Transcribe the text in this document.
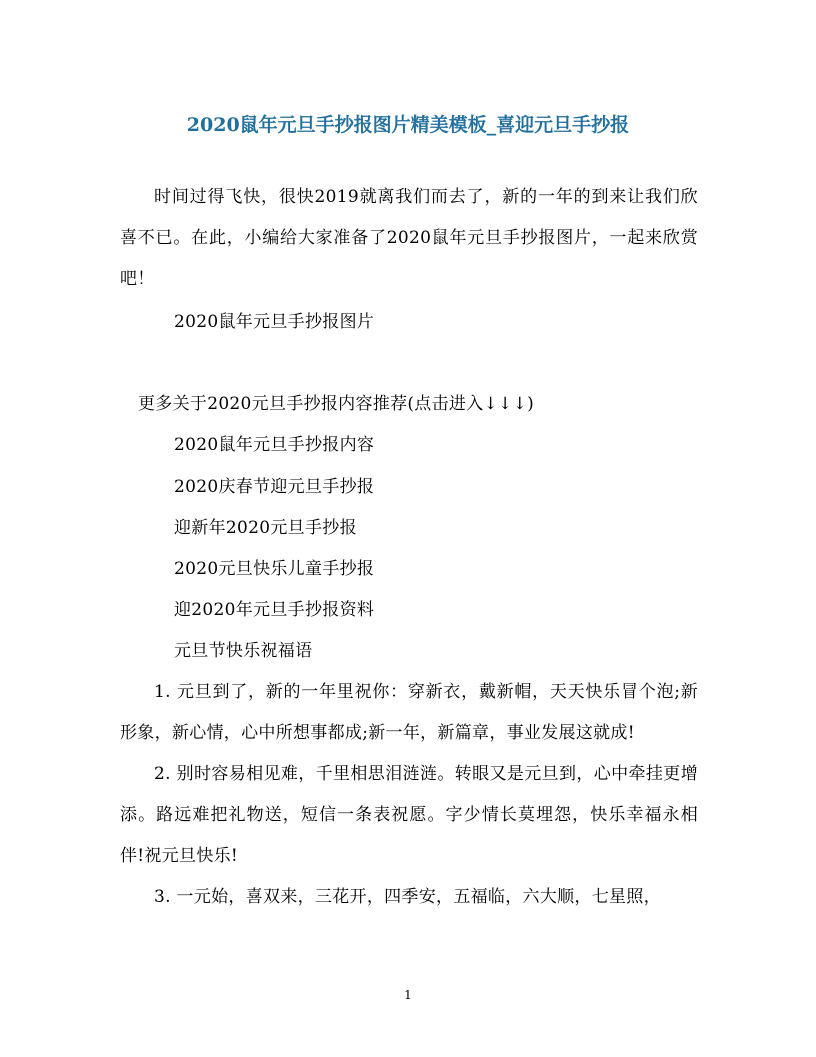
2020鼠年元旦手抄报图片精美模板_喜迎元旦手抄报

时间过得飞快，很快2019就离我们而去了，新的一年的到来让我们欣喜不已。在此，小编给大家准备了2020鼠年元旦手抄报图片，一起来欣赏吧！

2020鼠年元旦手抄报图片
更多关于2020元旦手抄报内容推荐(点击进入↓↓↓)
2020鼠年元旦手抄报内容
2020庆春节迎元旦手抄报
迎新年2020元旦手抄报
2020元旦快乐儿童手抄报
迎2020年元旦手抄报资料
元旦节快乐祝福语

1. 元旦到了，新的一年里祝你：穿新衣，戴新帽，天天快乐冒个泡;新形象，新心情，心中所想事都成;新一年，新篇章，事业发展这就成!

2. 别时容易相见难，千里相思泪涟涟。转眼又是元旦到，心中牵挂更增添。路远难把礼物送，短信一条表祝愿。字少情长莫埋怨，快乐幸福永相伴!祝元旦快乐!

3. 一元始，喜双来，三花开，四季安，五福临，六大顺，七星照，

1
